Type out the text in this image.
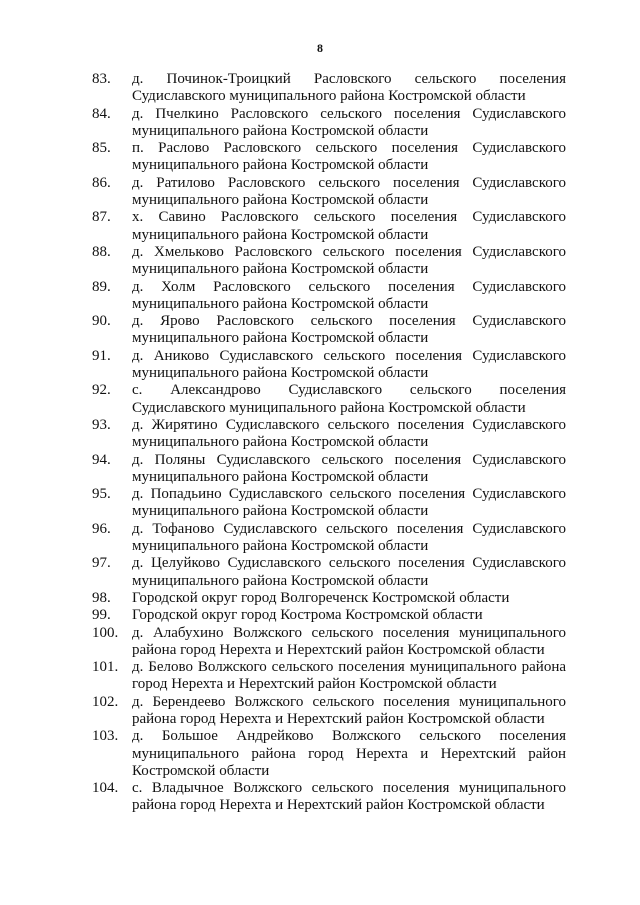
8
83.	д. Починок-Троицкий Расловского сельского поселения Судиславского муниципального района Костромской области
84.	д. Пчелкино Расловского сельского поселения Судиславского муниципального района Костромской области
85.	п. Раслово Расловского сельского поселения Судиславского муниципального района Костромской области
86.	д. Ратилово Расловского сельского поселения Судиславского муниципального района Костромской области
87.	х. Савино Расловского сельского поселения Судиславского муниципального района Костромской области
88.	д. Хмельково Расловского сельского поселения Судиславского муниципального района Костромской области
89.	д. Холм Расловского сельского поселения Судиславского муниципального района Костромской области
90.	д. Ярово Расловского сельского поселения Судиславского муниципального района Костромской области
91.	д. Аниково Судиславского сельского поселения Судиславского муниципального района Костромской области
92.	с. Александрово Судиславского сельского поселения Судиславского муниципального района Костромской области
93.	д. Жирятино Судиславского сельского поселения Судиславского муниципального района Костромской области
94.	д. Поляны Судиславского сельского поселения Судиславского муниципального района Костромской области
95.	д. Попадьино Судиславского сельского поселения Судиславского муниципального района Костромской области
96.	д. Тофаново Судиславского сельского поселения Судиславского муниципального района Костромской области
97.	д. Целуйково Судиславского сельского поселения Судиславского муниципального района Костромской области
98.	Городской округ город Волгореченск Костромской области
99.	Городской округ город Кострома Костромской области
100. д. Алабухино Волжского сельского поселения муниципального района город Нерехта и Нерехтский район Костромской области
101. д. Белово Волжского сельского поселения муниципального района город Нерехта и Нерехтский район Костромской области
102. д. Берендеево Волжского сельского поселения муниципального района город Нерехта и Нерехтский район Костромской области
103. д. Большое Андрейково Волжского сельского поселения муниципального района город Нерехта и Нерехтский район Костромской области
104. с. Владычное Волжского сельского поселения муниципального района город Нерехта и Нерехтский район Костромской области
